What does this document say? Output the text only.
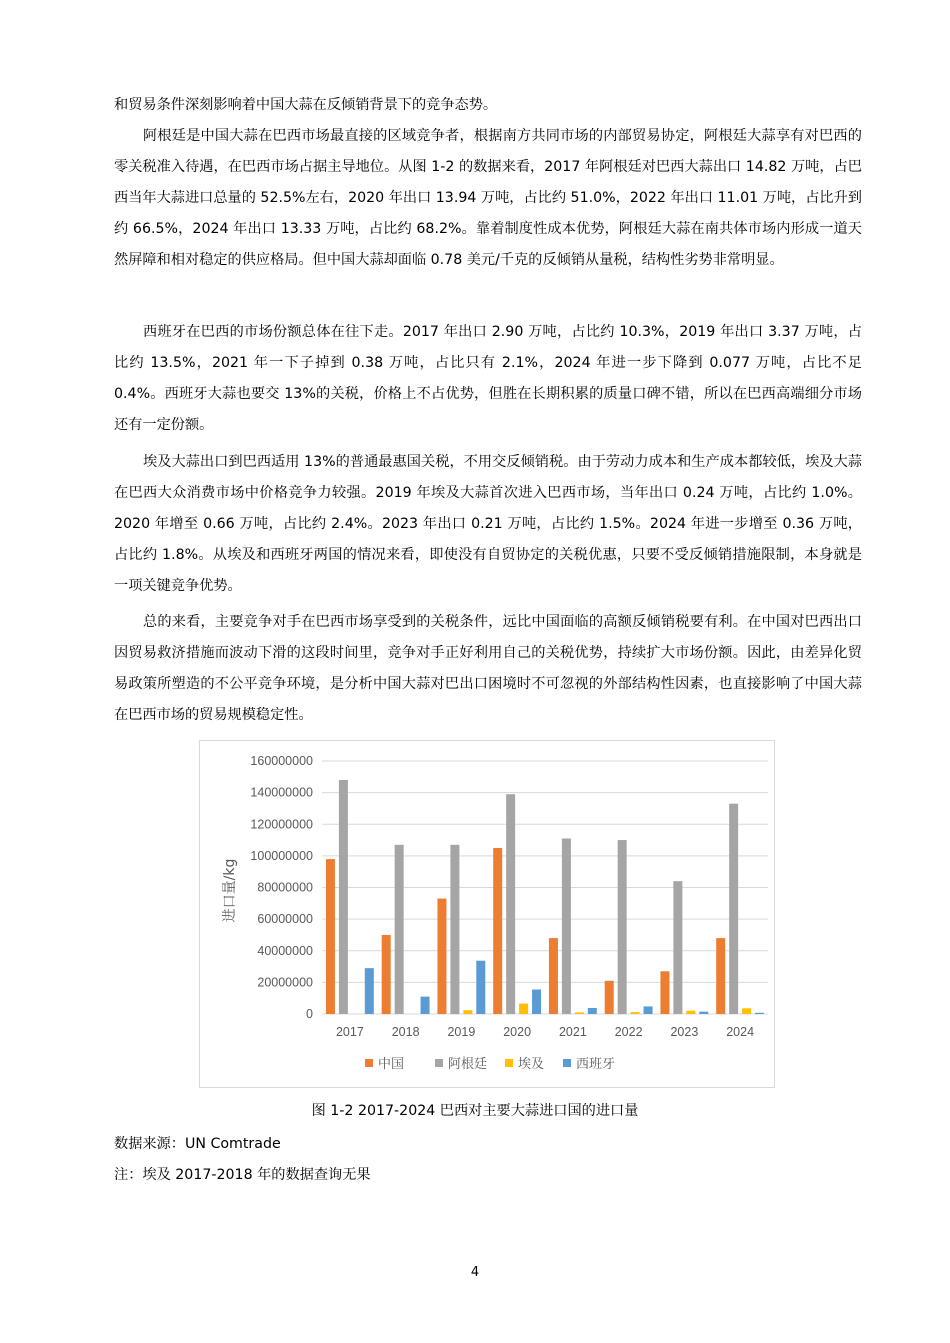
和贸易条件深刻影响着中国大蒜在反倾销背景下的竞争态势。

阿根廷是中国大蒜在巴西市场最直接的区域竞争者，根据南方共同市场的内部贸易协定，阿根廷大蒜享有对巴西的零关税准入待遇，在巴西市场占据主导地位。从图 1-2 的数据来看，2017 年阿根廷对巴西大蒜出口 14.82 万吨，占巴西当年大蒜进口总量的 52.5%左右，2020 年出口 13.94 万吨，占比约 51.0%，2022 年出口 11.01 万吨，占比升到约 66.5%，2024 年出口 13.33 万吨，占比约 68.2%。靠着制度性成本优势，阿根廷大蒜在南共体市场内形成一道天然屏障和相对稳定的供应格局。但中国大蒜却面临 0.78 美元/千克的反倾销从量税，结构性劣势非常明显。

西班牙在巴西的市场份额总体在往下走。2017 年出口 2.90 万吨，占比约 10.3%，2019 年出口 3.37 万吨，占比约 13.5%，2021 年一下子掉到 0.38 万吨，占比只有 2.1%，2024 年进一步下降到 0.077 万吨，占比不足 0.4%。西班牙大蒜也要交 13%的关税，价格上不占优势，但胜在长期积累的质量口碑不错，所以在巴西高端细分市场还有一定份额。

埃及大蒜出口到巴西适用 13%的普通最惠国关税，不用交反倾销税。由于劳动力成本和生产成本都较低，埃及大蒜在巴西大众消费市场中价格竞争力较强。2019 年埃及大蒜首次进入巴西市场，当年出口 0.24 万吨，占比约 1.0%。2020 年增至 0.66 万吨，占比约 2.4%。2023 年出口 0.21 万吨，占比约 1.5%。2024 年进一步增至 0.36 万吨，占比约 1.8%。从埃及和西班牙两国的情况来看，即使没有自贸协定的关税优惠，只要不受反倾销措施限制，本身就是一项关键竞争优势。

总的来看，主要竞争对手在巴西市场享受到的关税条件，远比中国面临的高额反倾销税要有利。在中国对巴西出口因贸易救济措施而波动下滑的这段时间里，竞争对手正好利用自己的关税优势，持续扩大市场份额。因此，由差异化贸易政策所塑造的不公平竞争环境，是分析中国大蒜对巴出口困境时不可忽视的外部结构性因素，也直接影响了中国大蒜在巴西市场的贸易规模稳定性。

0
20000000
40000000
60000000
80000000
100000000
120000000
140000000
160000000
进口量/kg
2017 2018 2019 2020 2021 2022 2023 2024
中国	阿根廷 埃及 西班牙
图 1-2 2017-2024 巴西对主要大蒜进口国的进口量
数据来源：UN Comtrade
注：埃及 2017-2018 年的数据查询无果
4
